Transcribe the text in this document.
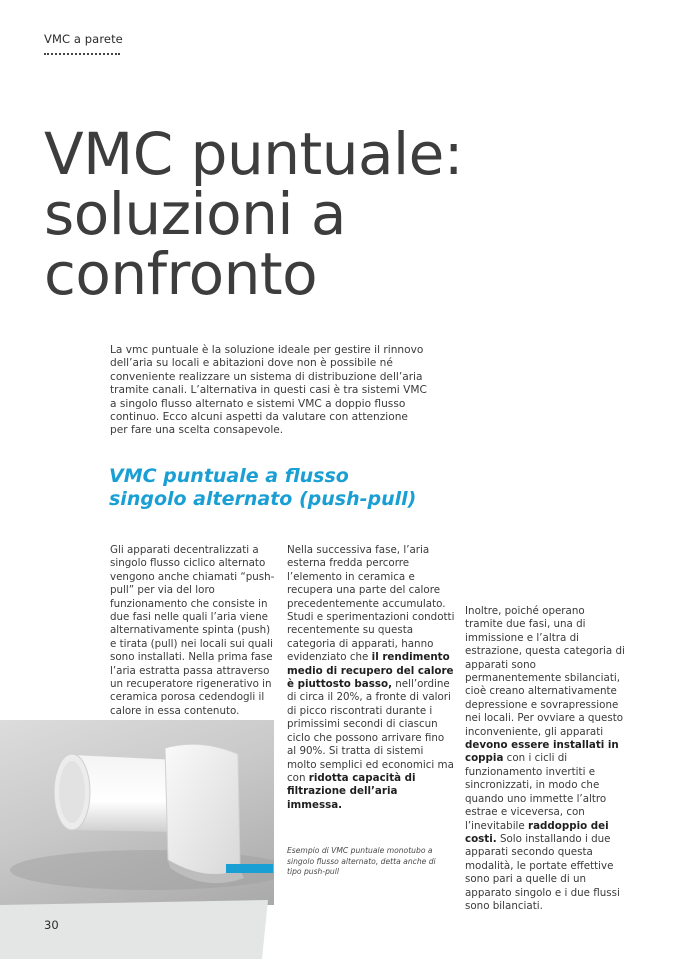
VMC a parete
VMC puntuale:
soluzioni a
confronto

La vmc puntuale è la soluzione ideale per gestire il rinnovo dell’aria su locali e abitazioni dove non è possibile né conveniente realizzare un sistema di distribuzione dell’aria tramite canali. L’alternativa in questi casi è tra sistemi VMC a singolo flusso alternato e sistemi VMC a doppio flusso continuo. Ecco alcuni aspetti da valutare con attenzione per fare una scelta consapevole.

VMC puntuale a flusso
singolo alternato (push-pull)

Gli apparati decentralizzati a singolo flusso ciclico alternato vengono anche chiamati “push-pull” per via del loro funzionamento che consiste in due fasi nelle quali l’aria viene alternativamente spinta (push) e tirata (pull) nei locali sui quali sono installati. Nella prima fase l’aria estratta passa attraverso un recuperatore rigenerativo in ceramica porosa cedendogli il calore in essa contenuto.

Nella successiva fase, l’aria esterna fredda percorre l’elemento in ceramica e recupera una parte del calore precedentemente accumulato. Studi e sperimentazioni condotti recentemente su questa categoria di apparati, hanno evidenziato che il rendimento medio di recupero del calore è piuttosto basso, nell’ordine di circa il 20%, a fronte di valori di picco riscontrati durante i primissimi secondi di ciascun ciclo che possono arrivare fino al 90%. Si tratta di sistemi molto semplici ed economici ma con ridotta capacità di filtrazione dell’aria immessa.

Inoltre, poiché operano tramite due fasi, una di immissione e l’altra di estrazione, questa categoria di apparati sono permanentemente sbilanciati, cioè creano alternativamente depressione e sovrapressione nei locali. Per ovviare a questo inconveniente, gli apparati devono essere installati in coppia con i cicli di funzionamento invertiti e sincronizzati, in modo che quando uno immette l’altro estrae e viceversa, con l’inevitabile raddoppio dei costi. Solo installando i due apparati secondo questa modalità, le portate effettive sono pari a quelle di un apparato singolo e i due flussi sono bilanciati.

Esempio di VMC puntuale monotubo a singolo flusso alternato, detta anche di tipo push-pull

30
